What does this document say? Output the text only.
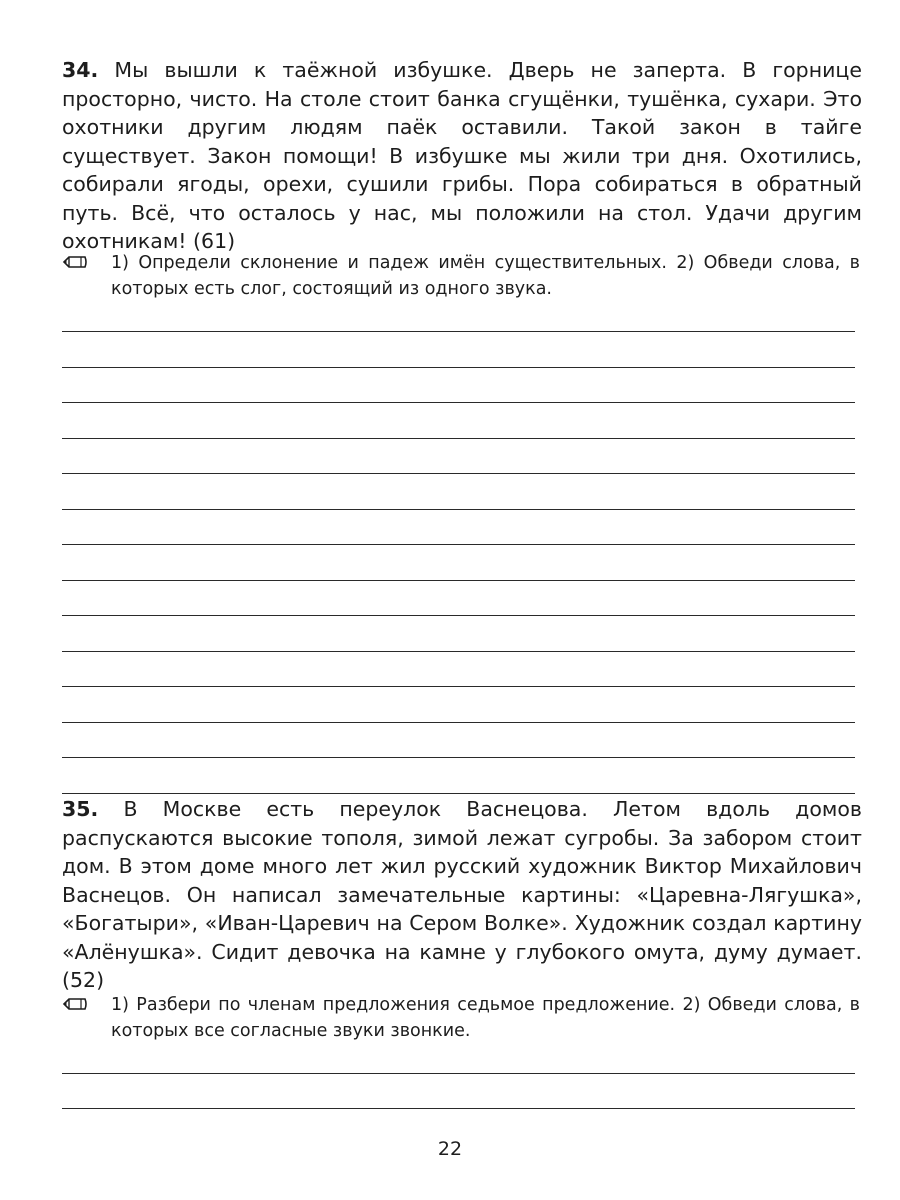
34. Мы вышли к таёжной избушке. Дверь не заперта. В горнице просторно, чисто. На столе стоит банка сгущёнки, тушёнка, сухари. Это охотники другим людям паёк оставили. Такой закон в тайге существует. Закон помощи! В избушке мы жили три дня. Охотились, собирали ягоды, орехи, сушили грибы. Пора собираться в обратный путь. Всё, что осталось у нас, мы положили на стол. Удачи другим охотникам! (61)

1) Определи склонение и падеж имён существительных. 2) Обведи слова, в которых есть слог, состоящий из одного звука.

35. В Москве есть переулок Васнецова. Летом вдоль домов распускаются высокие тополя, зимой лежат сугробы. За забором стоит дом. В этом доме много лет жил русский художник Виктор Михайлович Васнецов. Он написал замечательные картины: «Царевна-Лягушка», «Богатыри», «Иван-Царевич на Сером Волке». Художник создал картину «Алёнушка». Сидит девочка на камне у глубокого омута, думу думает. (52)

1) Разбери по членам предложения седьмое предложение. 2) Обведи слова, в которых все согласные звуки звонкие.
22
